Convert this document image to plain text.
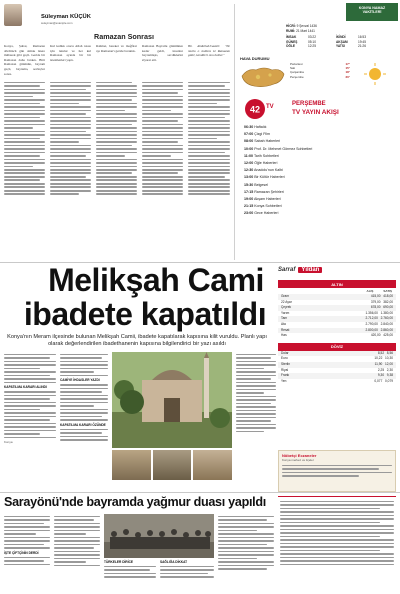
Süleyman KÜÇÜK
suleyman@example.com
Ramazan Sonrası
Konya, Şubat, Ramazan dördüncü gün olmak üzere mübarek gibi geçti. Geride bir Ramazan daha bıraktı. Bitti Ramazan gününün, bayram geçti, bayrama, sevinçler sonra.
Kul kulluk orucu Allah rızası için tutulur ve her kul Ramazan ayında bir bir istenilenleri yaptı.
Rahmet, bereket ve mağfiret ayı Ramazan'ı geride bıraktık.
Ramazan Bayramı günümüze kadar geldi, insanlar bayramlaştı, sevdiklerini ziyaret etti.
Hz. Abdullah/Gazali: "Ne mutlu o kullara ki Ramazan gider, kendileri onu bekler."
KONYA NAMAZ
VAKİTLERİ
HİCRİ: 9 Şevval 1436
RUMİ: 21 Mart 1441
İMSAK	03:22	İKİNDİ	16:53
GÜNEŞ	05:10	AKŞAM	19:45
ÖĞLE	12:25	YATSI	21:26
HAVA DURUMU
Pazartesi	17°
Salı	15°
Çarşamba	18°
Perşembe	20°
42 TV	PERŞEMBE
TV YAYIN AKIŞI
06:30 Haftalık
07:00 Çizgi Film
08:00 Sabah Haberleri
10:00 Prof. Dr. Mehmet Görmez Sohbetleri
11:00 Tarih Sohbetleri
12:00 Öğle Haberleri
12:30 Anadolu'nun Kalbi
13:00 Bir Kültür Haberleri
15:30 Belgesel
17:15 Ramazan Şehirleri
19:00 Akşam Haberleri
21:15 Konya Sohbetleri
23:00 Gece Haberleri
Melikşah Cami
ibadete kapatıldı
Konya'nın Meram ilçesinde bulunan Melikşah Camii, ibadete kapatılarak kapısına kilit vuruldu. Planlı yapı olarak değerlendirilen ibadethanenin kapısına bilgilendirici bir yazı asıldı
Sarraf	Yıldan
ALTIN
ALIŞ	SATIŞ
Gram	415,00 418,00
22 Ayar	379,00 382,00
Çeyrek	678,00 690,00
Yarım	1.356,00 1.380,00
Tam	2.712,00 2.760,00
Ata	2.790,00 2.840,00
Resat	2.800,00 2.860,00
Has	420,00 425,00
DÖVİZ
Dolar	8,52 8,56
Euro	10,22 10,30
Sterlin	11,90 12,00
Riyal	2,25 2,30
Frank	9,30 9,38
Yen	0,077 0,079
KAPATILMA KARARI ALINDI
Konya
CAMİYE İHDASLER YAZDI
KAPATILMA KARARI ÖZÜNDE
Nöbetçi Eczaneler
Konya merkez ve ilçeler
Sarayönü'nde bayramda yağmur duası yapıldı
İŞTE ÇİFTÇİNİN DERDİ
TÜRKELER DİRİCE	SAĞLIĞA DİKKAT
